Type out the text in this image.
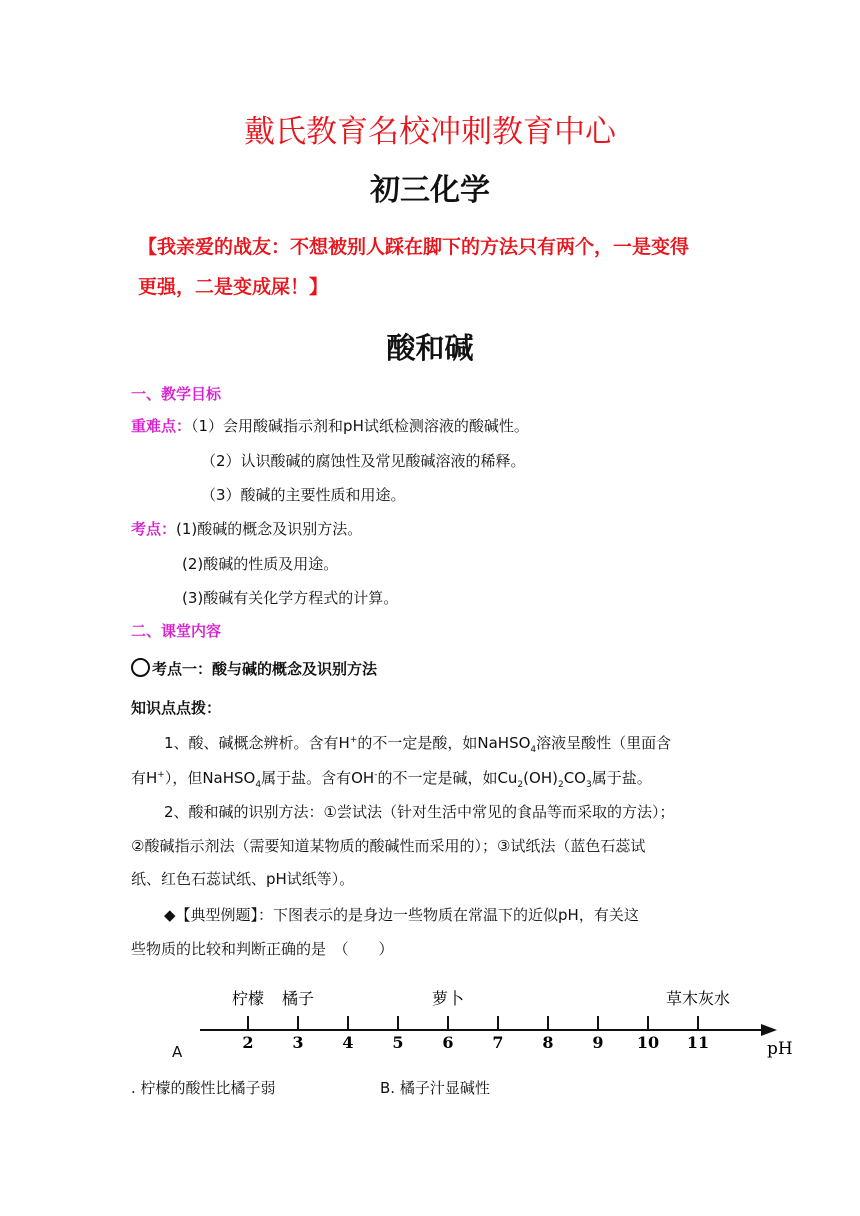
戴氏教育名校冲刺教育中心
初三化学
【我亲爱的战友：不想被别人踩在脚下的方法只有两个，一是变得
更强，二是变成屎！】
酸和碱
一、教学目标
重难点：（1）会用酸碱指示剂和pH试纸检测溶液的酸碱性。
（2）认识酸碱的腐蚀性及常见酸碱溶液的稀释。
（3）酸碱的主要性质和用途。
考点：(1)酸碱的概念及识别方法。
(2)酸碱的性质及用途。
(3)酸碱有关化学方程式的计算。
二、课堂内容
考点一：酸与碱的概念及识别方法
知识点点拨：
1、酸、碱概念辨析。含有H+的不一定是酸，如NaHSO$_4$溶液呈酸性（里面含
有H+），但NaHSO$_4$属于盐。含有OH-的不一定是碱，如$Cu_2(OH)_2CO_3$属于盐。
2、酸和碱的识别方法：①尝试法（针对生活中常见的食品等而采取的方法）；
②酸碱指示剂法（需要知道某物质的酸碱性而采用的）；③试纸法（蓝色石蕊试
纸、红色石蕊试纸、pH试纸等）。
◆【典型例题】：下图表示的是身边一些物质在常温下的近似pH，有关这
些物质的比较和判断正确的是　（　　）
2 3 4 5 6 7 8 9 10 11
柠檬 橘子	萝卜	草木灰水
pH
A
. 柠檬的酸性比橘子弱	B. 橘子汁显碱性
